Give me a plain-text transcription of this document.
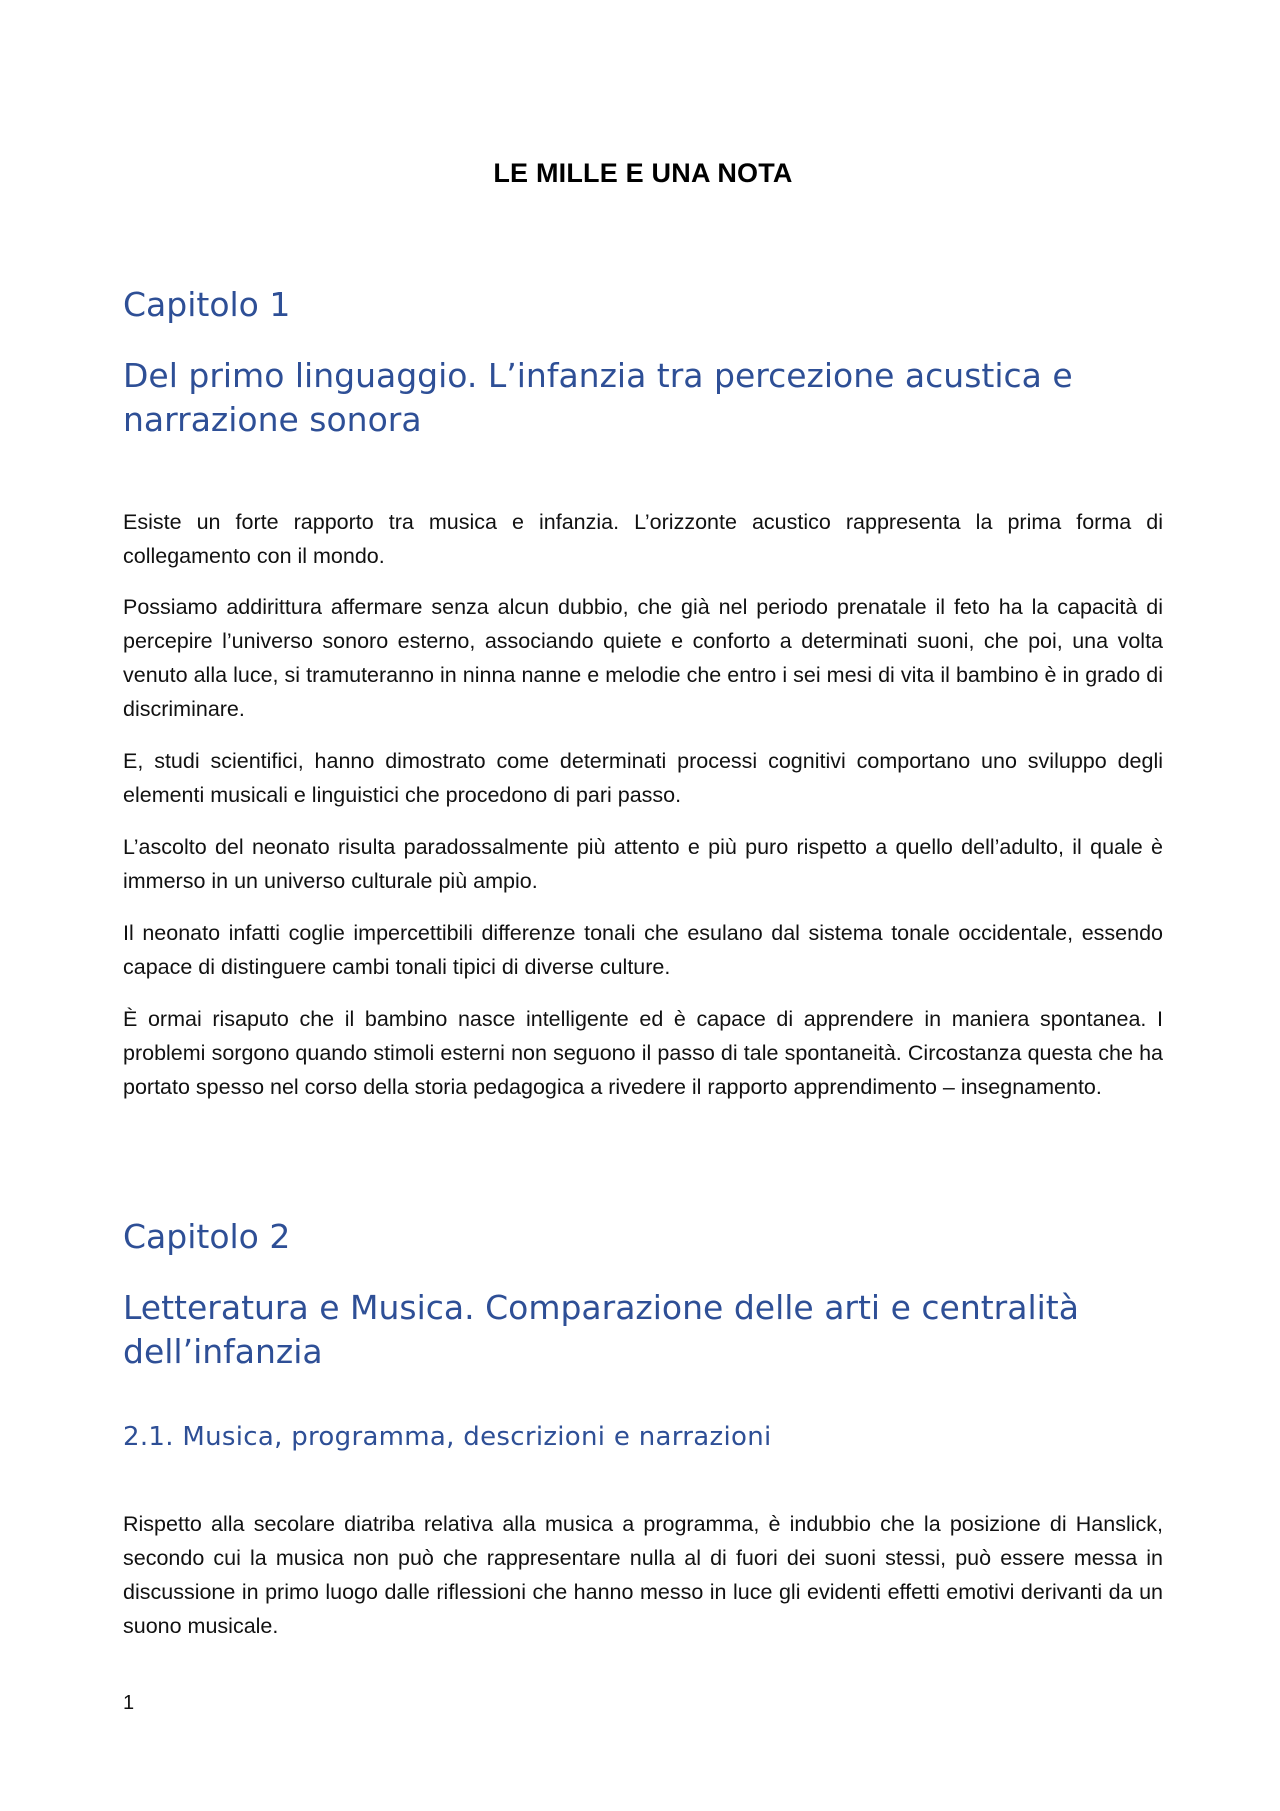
LE MILLE E UNA NOTA
Capitolo 1
Del primo linguaggio. L’infanzia tra percezione acustica e narrazione sonora

Esiste un forte rapporto tra musica e infanzia. L’orizzonte acustico rappresenta la prima forma di collegamento con il mondo.

Possiamo addirittura affermare senza alcun dubbio, che già nel periodo prenatale il feto ha la capacità di percepire l’universo sonoro esterno, associando quiete e conforto a determinati suoni, che poi, una volta venuto alla luce, si tramuteranno in ninna nanne e melodie che entro i sei mesi di vita il bambino è in grado di discriminare.

E, studi scientifici, hanno dimostrato come determinati processi cognitivi comportano uno sviluppo degli elementi musicali e linguistici che procedono di pari passo.

L’ascolto del neonato risulta paradossalmente più attento e più puro rispetto a quello dell’adulto, il quale è immerso in un universo culturale più ampio.

Il neonato infatti coglie impercettibili differenze tonali che esulano dal sistema tonale occidentale, essendo capace di distinguere cambi tonali tipici di diverse culture.

È ormai risaputo che il bambino nasce intelligente ed è capace di apprendere in maniera spontanea. I problemi sorgono quando stimoli esterni non seguono il passo di tale spontaneità. Circostanza questa che ha portato spesso nel corso della storia pedagogica a rivedere il rapporto apprendimento – insegnamento.

Capitolo 2
Letteratura e Musica. Comparazione delle arti e centralità dell’infanzia
2.1. Musica, programma, descrizioni e narrazioni

Rispetto alla secolare diatriba relativa alla musica a programma, è indubbio che la posizione di Hanslick, secondo cui la musica non può che rappresentare nulla al di fuori dei suoni stessi, può essere messa in discussione in primo luogo dalle riflessioni che hanno messo in luce gli evidenti effetti emotivi derivanti da un suono musicale.

1
